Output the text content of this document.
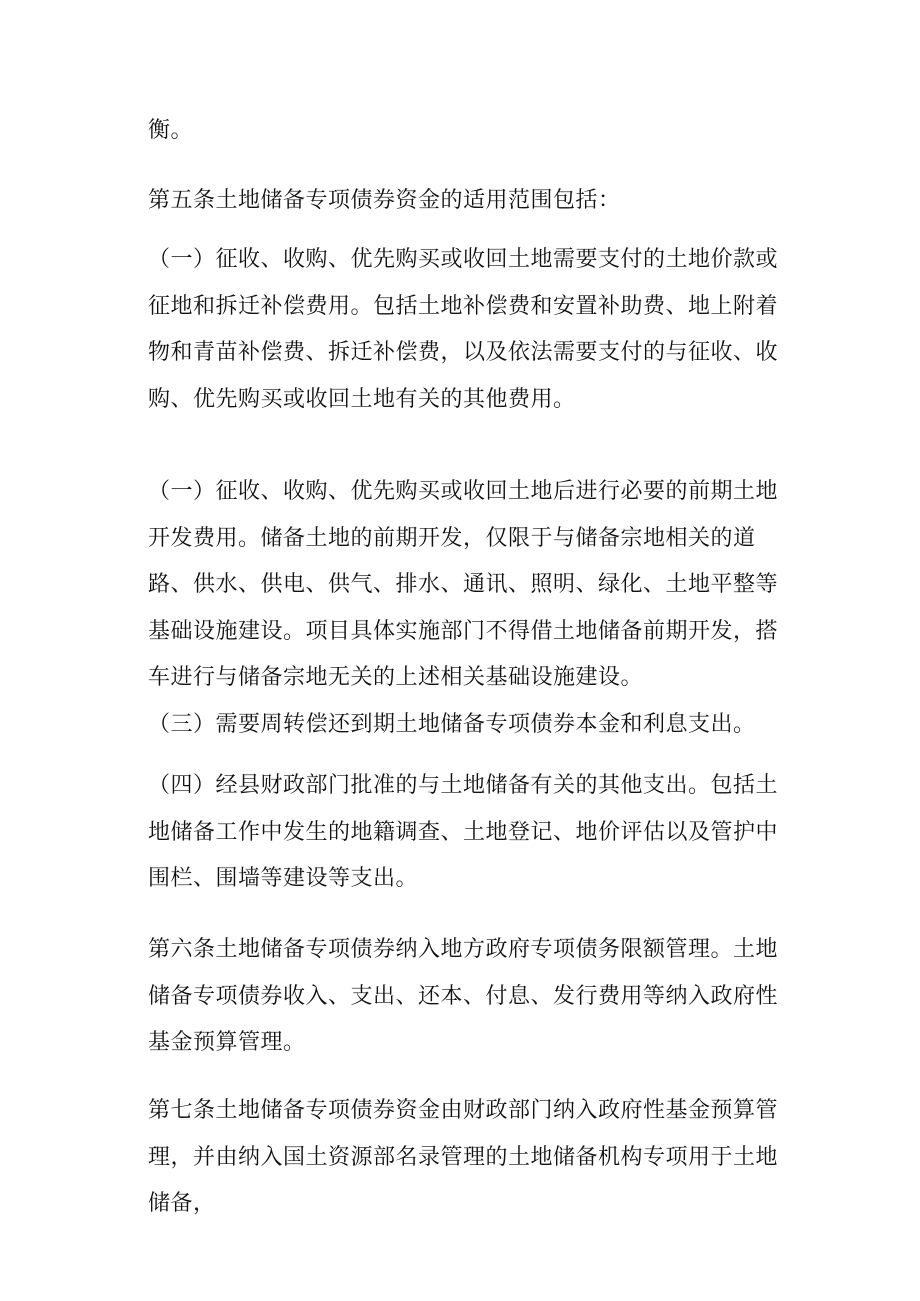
衡。

第五条土地储备专项债券资金的适用范围包括：

（一）征收、收购、优先购买或收回土地需要支付的土地价款或征地和拆迁补偿费用。包括土地补偿费和安置补助费、地上附着物和青苗补偿费、拆迁补偿费，以及依法需要支付的与征收、收购、优先购买或收回土地有关的其他费用。

（一）征收、收购、优先购买或收回土地后进行必要的前期土地开发费用。储备土地的前期开发，仅限于与储备宗地相关的道路、供水、供电、供气、排水、通讯、照明、绿化、土地平整等基础设施建设。项目具体实施部门不得借土地储备前期开发，搭车进行与储备宗地无关的上述相关基础设施建设。

（三）需要周转偿还到期土地储备专项债券本金和利息支出。

（四）经县财政部门批准的与土地储备有关的其他支出。包括土地储备工作中发生的地籍调查、土地登记、地价评估以及管护中围栏、围墙等建设等支出。

第六条土地储备专项债券纳入地方政府专项债务限额管理。土地储备专项债券收入、支出、还本、付息、发行费用等纳入政府性基金预算管理。

第七条土地储备专项债券资金由财政部门纳入政府性基金预算管理，并由纳入国土资源部名录管理的土地储备机构专项用于土地储备，
